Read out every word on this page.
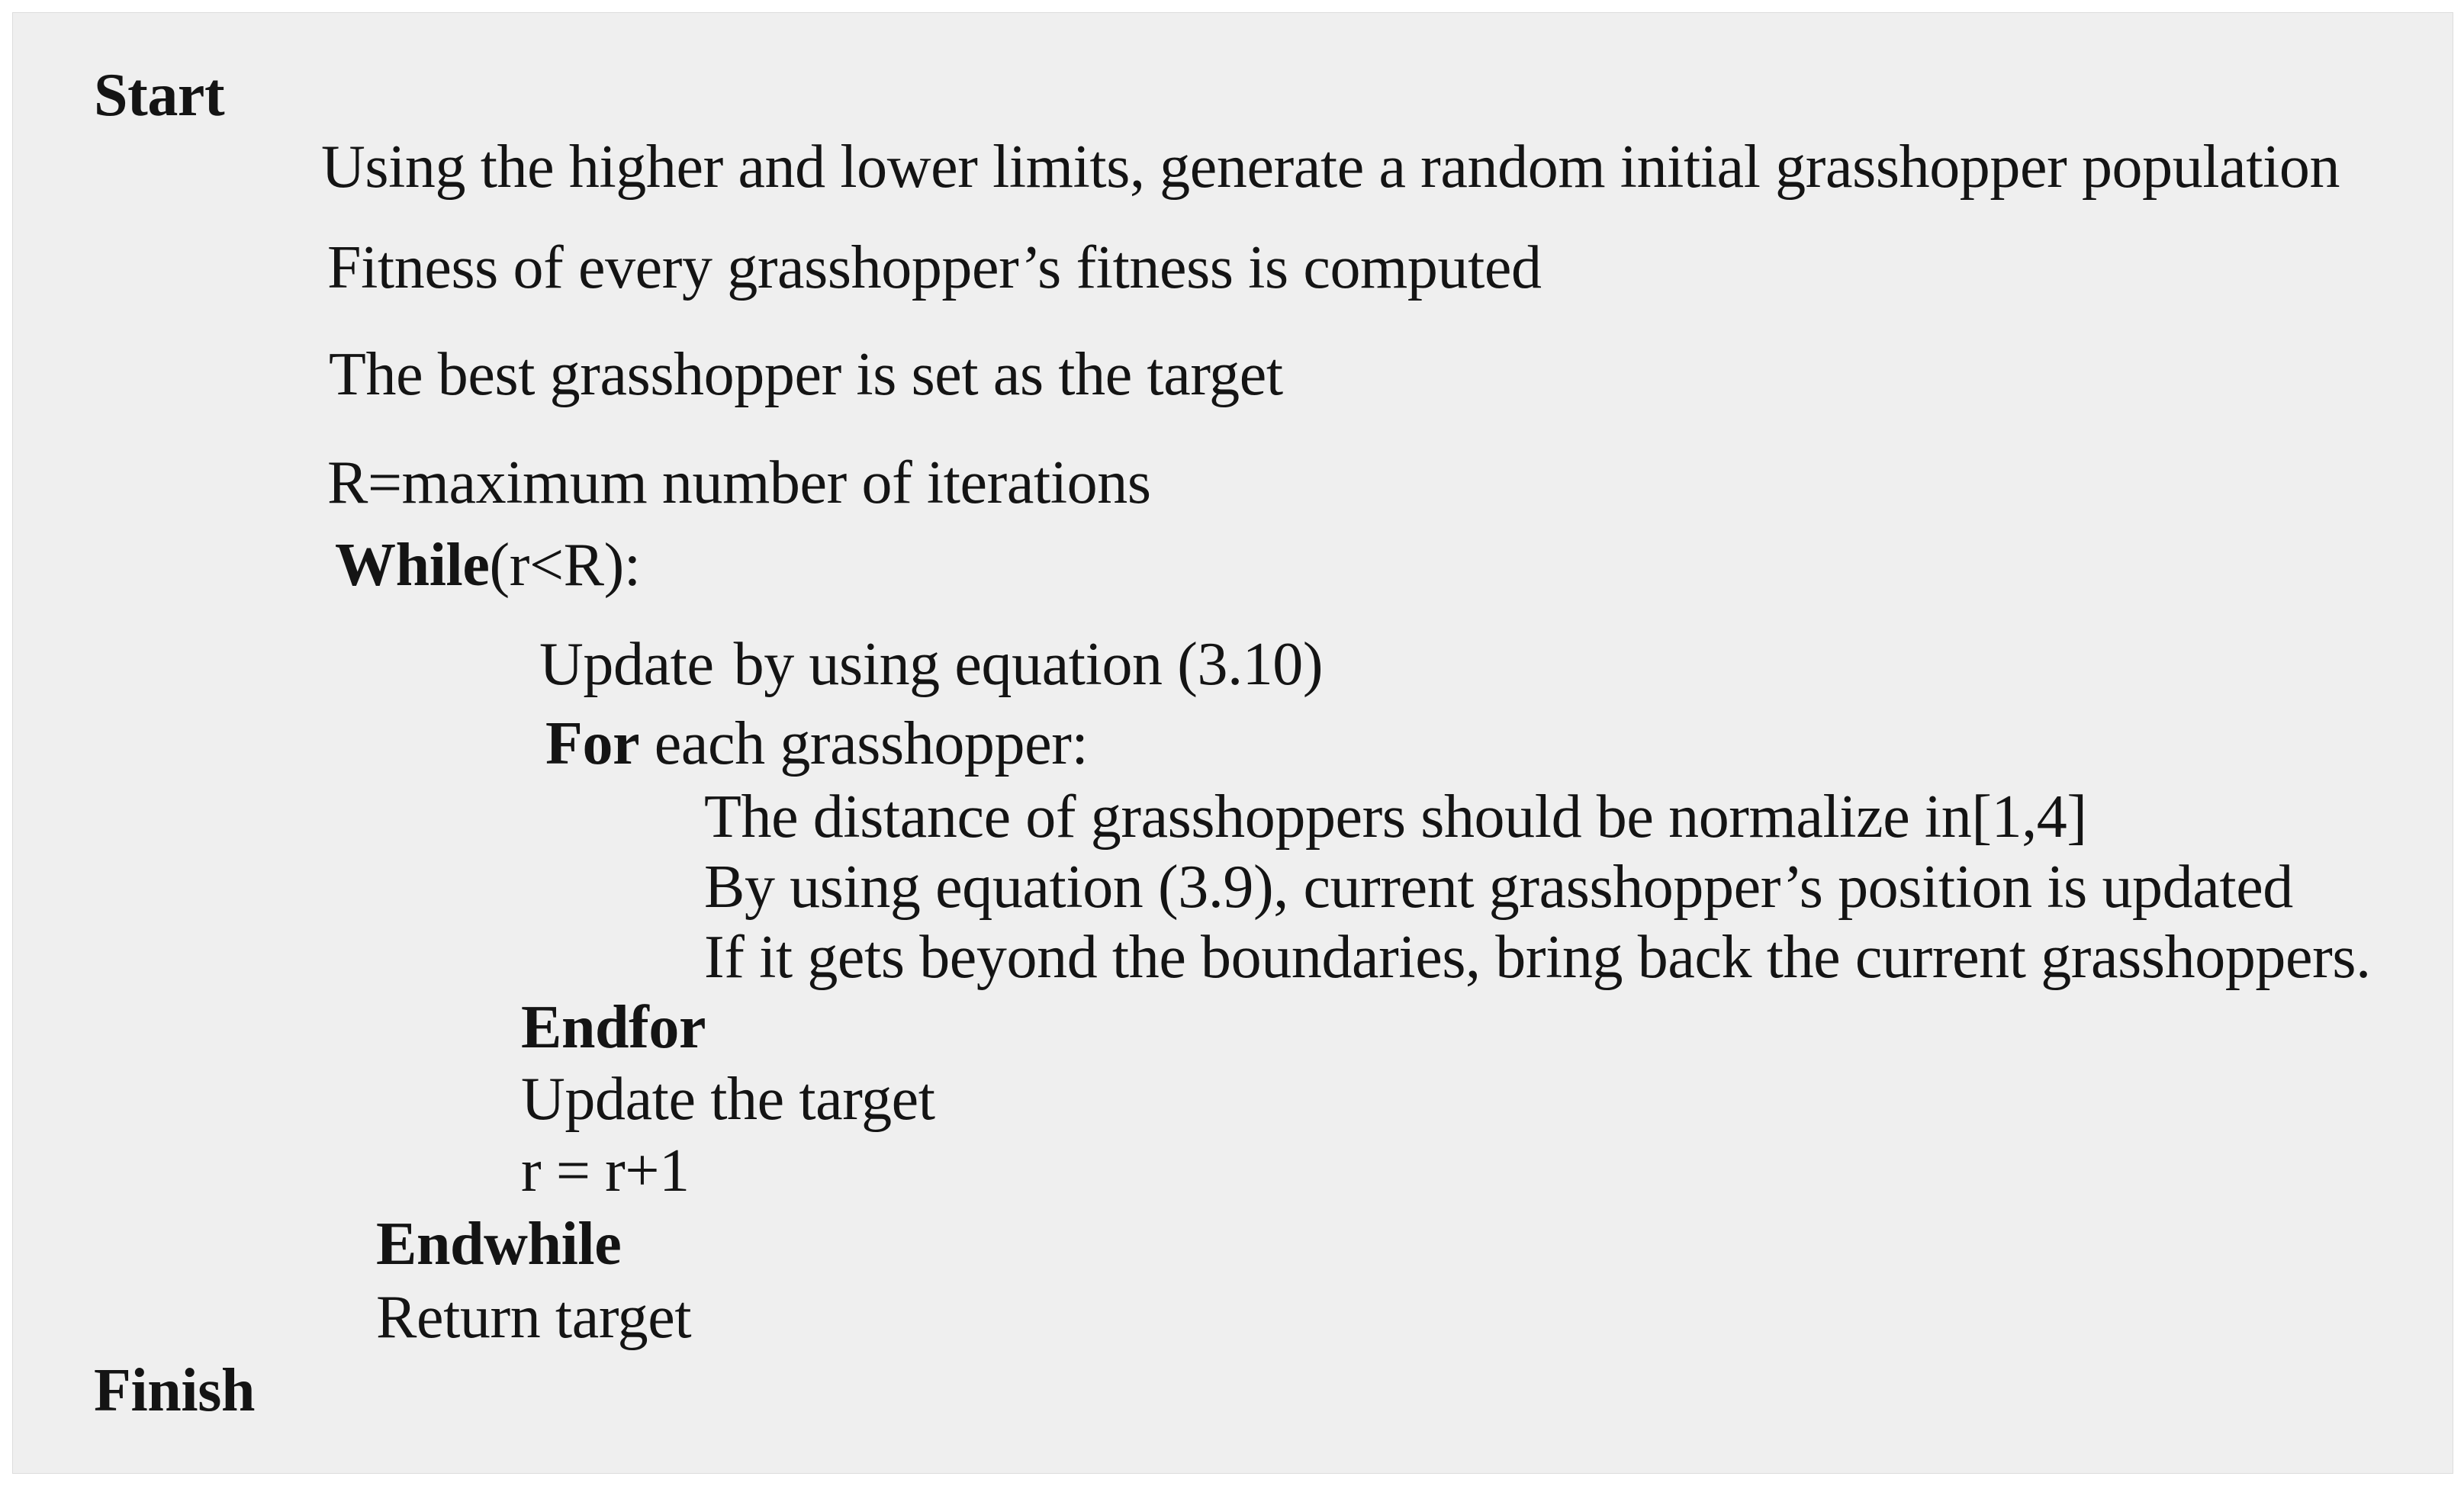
Start
Using the higher and lower limits, generate a random initial grasshopper population
Fitness of every grasshopper’s fitness is computed
The best grasshopper is set as the target
R=maximum number of iterations
While(r<R):
Update by using equation (3.10)
For each grasshopper:
The distance of grasshoppers should be normalize in[1,4]
By using equation (3.9), current grasshopper’s position is updated
If it gets beyond the boundaries, bring back the current grasshoppers.
Endfor
Update the target
r = r+1
Endwhile
Return target
Finish
